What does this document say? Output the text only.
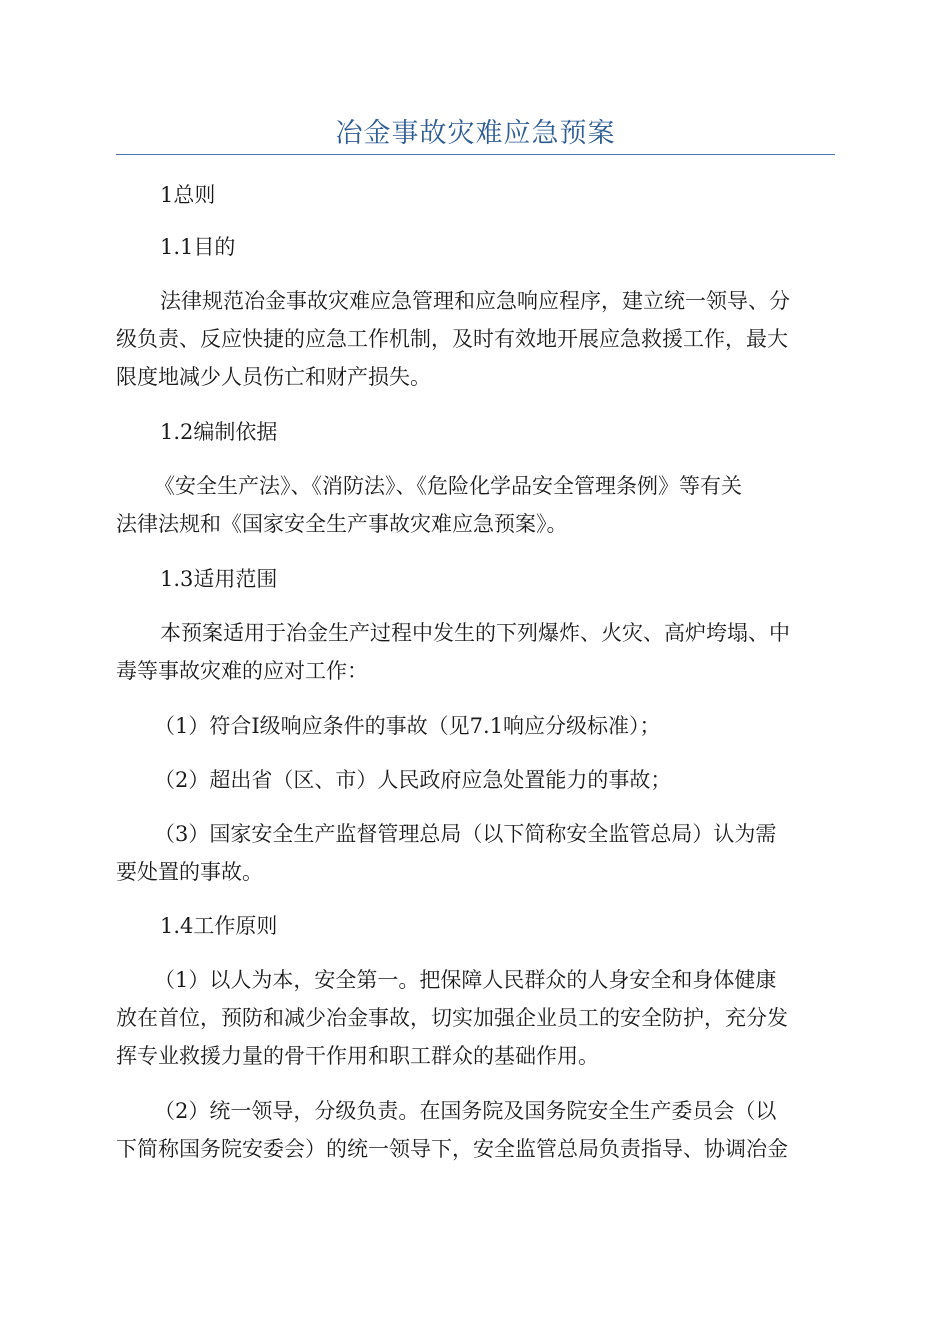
冶金事故灾难应急预案

1总则

1.1目的

法律规范冶金事故灾难应急管理和应急响应程序，建立统一领导、分
级负责、反应快捷的应急工作机制，及时有效地开展应急救援工作，最大
限度地减少人员伤亡和财产损失。

1.2编制依据

《安全生产法》、《消防法》、《危险化学品安全管理条例》等有关
法律法规和《国家安全生产事故灾难应急预案》。

1.3适用范围

本预案适用于冶金生产过程中发生的下列爆炸、火灾、高炉垮塌、中
毒等事故灾难的应对工作：

（1）符合Ⅰ级响应条件的事故（见7.1响应分级标准）；

（2）超出省（区、市）人民政府应急处置能力的事故；

（3）国家安全生产监督管理总局（以下简称安全监管总局）认为需
要处置的事故。

1.4工作原则

（1）以人为本，安全第一。把保障人民群众的人身安全和身体健康
放在首位，预防和减少冶金事故，切实加强企业员工的安全防护，充分发
挥专业救援力量的骨干作用和职工群众的基础作用。

（2）统一领导，分级负责。在国务院及国务院安全生产委员会（以
下简称国务院安委会）的统一领导下，安全监管总局负责指导、协调冶金
